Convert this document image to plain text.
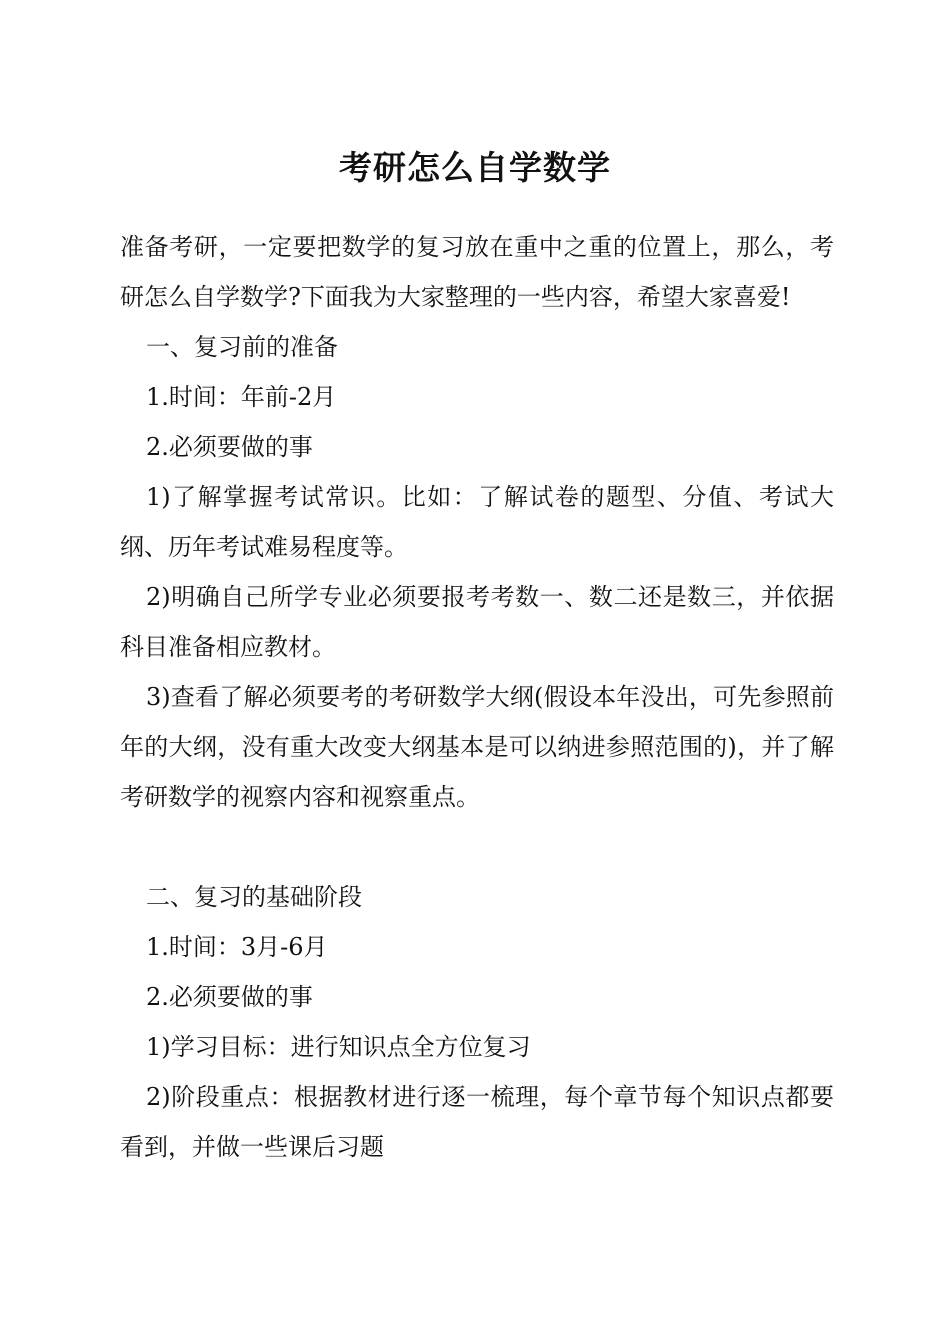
考研怎么自学数学

准备考研，一定要把数学的复习放在重中之重的位置上，那么，考研怎么自学数学?下面我为大家整理的一些内容，希望大家喜爱!

一、复习前的准备

1.时间：年前-2月

2.必须要做的事

1)了解掌握考试常识。比如：了解试卷的题型、分值、考试大纲、历年考试难易程度等。

2)明确自己所学专业必须要报考考数一、数二还是数三，并依据科目准备相应教材。

3)查看了解必须要考的考研数学大纲(假设本年没出，可先参照前年的大纲，没有重大改变大纲基本是可以纳进参照范围的)，并了解考研数学的视察内容和视察重点。

二、复习的基础阶段

1.时间：3月-6月

2.必须要做的事

1)学习目标：进行知识点全方位复习

2)阶段重点：根据教材进行逐一梳理，每个章节每个知识点都要看到，并做一些课后习题
